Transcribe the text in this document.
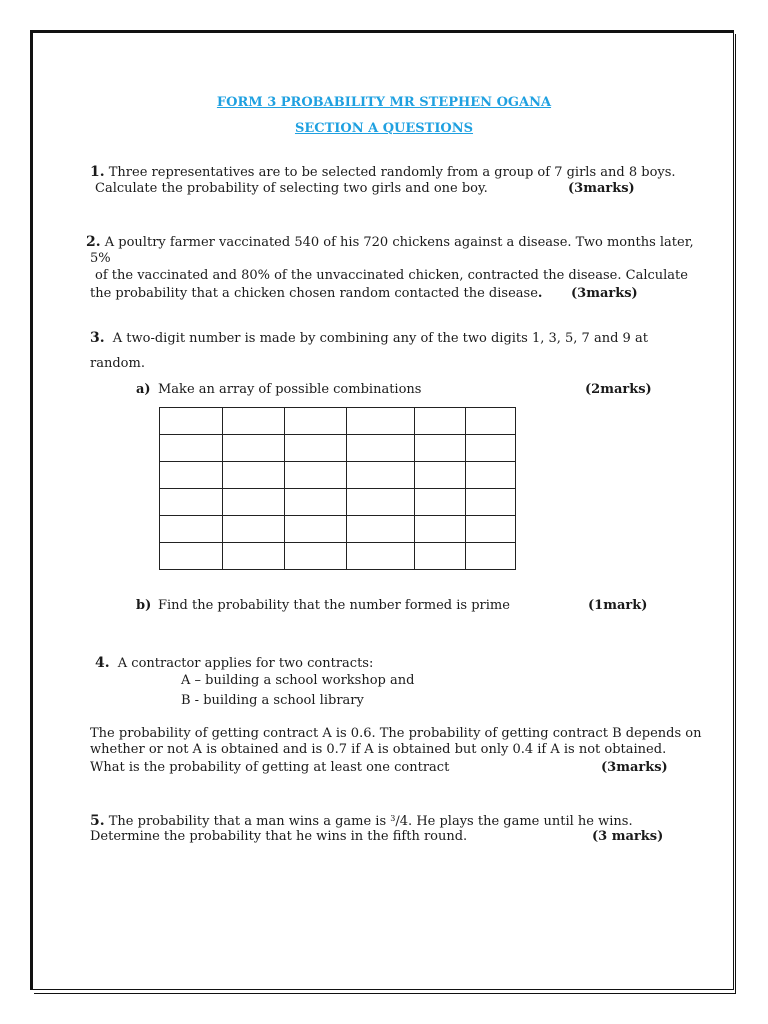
FORM 3 PROBABILITY MR STEPHEN OGANA
SECTION A QUESTIONS
1. Three representatives are to be selected randomly from a group of 7 girls and 8 boys.
Calculate the probability of selecting two girls and one boy.	(3marks)
2. A poultry farmer vaccinated 540 of his 720 chickens against a disease. Two months later,
5%
of the vaccinated and 80% of the unvaccinated chicken, contracted the disease. Calculate
the probability that a chicken chosen random contacted the disease. (3marks)
3. A two-digit number is made by combining any of the two digits 1, 3, 5, 7 and 9 at
random.
a) Make an array of possible combinations	(2marks)

b) Find the probability that the number formed is prime	(1mark)
4. A contractor applies for two contracts:
A – building a school workshop and
B - building a school library
The probability of getting contract A is 0.6. The probability of getting contract B depends on
whether or not A is obtained and is 0.7 if A is obtained but only 0.4 if A is not obtained.
What is the probability of getting at least one contract	(3marks)
5. The probability that a man wins a game is $^3$/4. He plays the game until he wins.
Determine the probability that he wins in the fifth round.	(3 marks)
